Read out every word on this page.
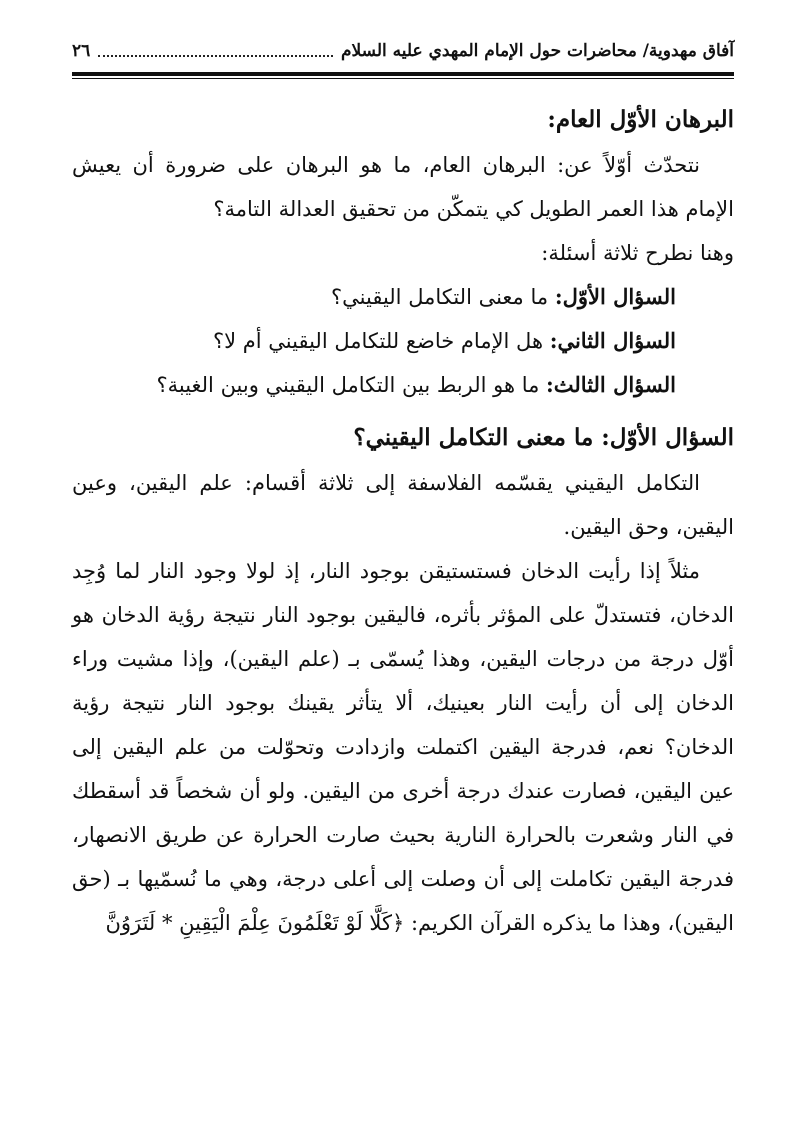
آفاق مهدوية/ محاضرات حول الإمام المهدي عليه السلام
٢٦
البرهان الأوّل العام:

نتحدّث أوّلاً عن: البرهان العام، ما هو البرهان على ضرورة أن يعيش الإمام هذا العمر الطويل كي يتمكّن من تحقيق العدالة التامة؟

وهنا نطرح ثلاثة أسئلة:

السؤال الأوّل: ما معنى التكامل اليقيني؟
السؤال الثاني: هل الإمام خاضع للتكامل اليقيني أم لا؟
السؤال الثالث: ما هو الربط بين التكامل اليقيني وبين الغيبة؟
السؤال الأوّل: ما معنى التكامل اليقيني؟

التكامل اليقيني يقسّمه الفلاسفة إلى ثلاثة أقسام: علم اليقين، وعين اليقين، وحق اليقين.

مثلاً إذا رأيت الدخان فستستيقن بوجود النار، إذ لولا وجود النار لما وُجِد الدخان، فتستدلّ على المؤثر بأثره، فاليقين بوجود النار نتيجة رؤية الدخان هو أوّل درجة من درجات اليقين، وهذا يُسمّى بـ (علم اليقين)، وإذا مشيت وراء الدخان إلى أن رأيت النار بعينيك، ألا يتأثر يقينك بوجود النار نتيجة رؤية الدخان؟ نعم، فدرجة اليقين اكتملت وازدادت وتحوّلت من علم اليقين إلى عين اليقين، فصارت عندك درجة أخرى من اليقين. ولو أن شخصاً قد أسقطك في النار وشعرت بالحرارة النارية بحيث صارت الحرارة عن طريق الانصهار، فدرجة اليقين تكاملت إلى أن وصلت إلى أعلى درجة، وهي ما نُسمّيها بـ (حق اليقين)، وهذا ما يذكره القرآن الكريم: ﴿كَلَّا لَوْ تَعْلَمُونَ عِلْمَ الْيَقِينِ * لَتَرَوُنَّ
